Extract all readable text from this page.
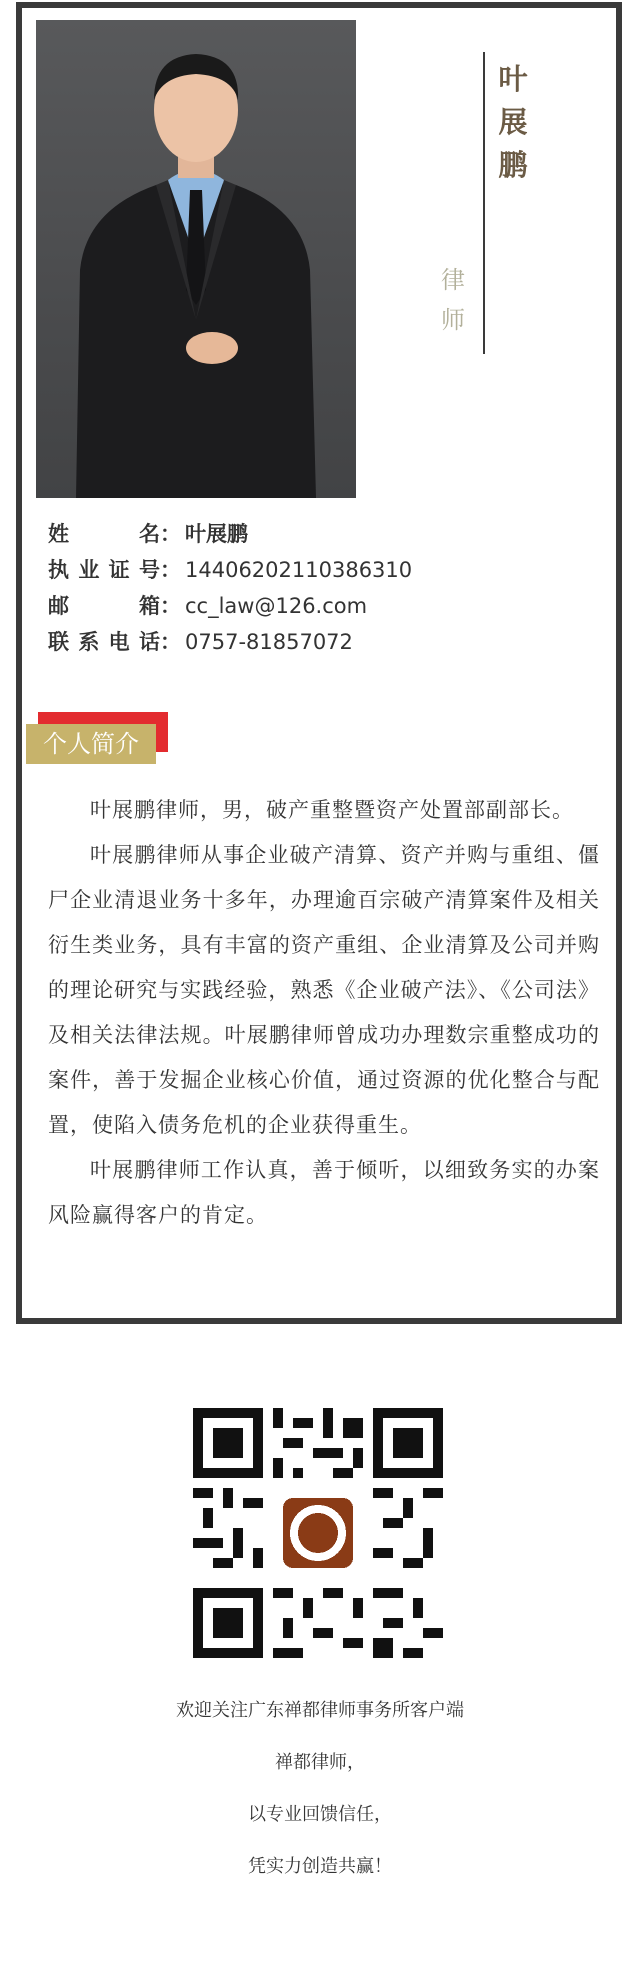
叶展鹏
律师
姓名： 叶展鹏
执业证号： 14406202110386310
邮箱： cc_law@126.com
联系电话： 0757-81857072
个人简介

叶展鹏律师，男，破产重整暨资产处置部副部长。

叶展鹏律师从事企业破产清算、资产并购与重组、僵尸企业清退业务十多年，办理逾百宗破产清算案件及相关衍生类业务，具有丰富的资产重组、企业清算及公司并购的理论研究与实践经验，熟悉《企业破产法》、《公司法》及相关法律法规。叶展鹏律师曾成功办理数宗重整成功的案件，善于发掘企业核心价值，通过资源的优化整合与配置，使陷入债务危机的企业获得重生。

叶展鹏律师工作认真，善于倾听，以细致务实的办案风险赢得客户的肯定。

欢迎关注广东禅都律师事务所客户端
禅都律师，
以专业回馈信任，
凭实力创造共赢！
